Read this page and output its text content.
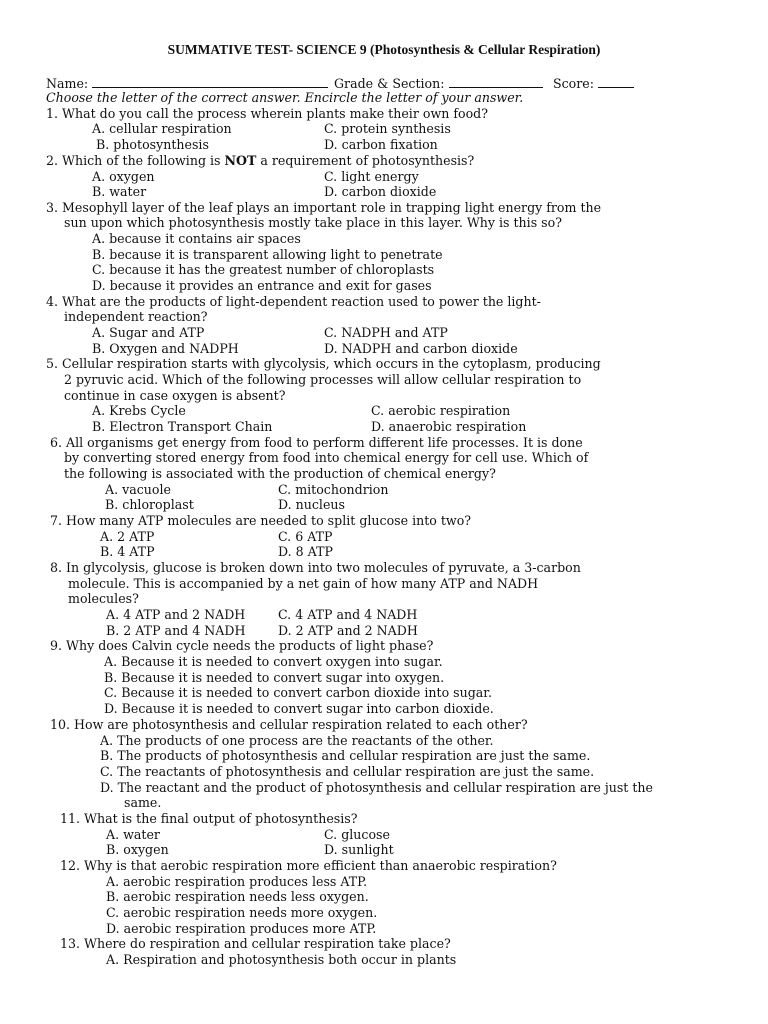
SUMMATIVE TEST- SCIENCE 9 (Photosynthesis & Cellular Respiration)
Name:	Grade & Section:	Score:
Choose the letter of the correct answer. Encircle the letter of your answer.
1. What do you call the process wherein plants make their own food?
A. cellular respiration	C. protein synthesis
B. photosynthesis	D. carbon fixation
2. Which of the following is NOT a requirement of photosynthesis?
A. oxygen	C. light energy
B. water	D. carbon dioxide
3. Mesophyll layer of the leaf plays an important role in trapping light energy from the
sun upon which photosynthesis mostly take place in this layer. Why is this so?
A. because it contains air spaces
B. because it is transparent allowing light to penetrate
C. because it has the greatest number of chloroplasts
D. because it provides an entrance and exit for gases
4. What are the products of light-dependent reaction used to power the light-
independent reaction?
A. Sugar and ATP	C. NADPH and ATP
B. Oxygen and NADPH	D. NADPH and carbon dioxide
5. Cellular respiration starts with glycolysis, which occurs in the cytoplasm, producing
2 pyruvic acid. Which of the following processes will allow cellular respiration to
continue in case oxygen is absent?
A. Krebs Cycle	C. aerobic respiration
B. Electron Transport Chain	D. anaerobic respiration
6. All organisms get energy from food to perform different life processes. It is done
by converting stored energy from food into chemical energy for cell use. Which of
the following is associated with the production of chemical energy?
A. vacuole	C. mitochondrion
B. chloroplast	D. nucleus
7. How many ATP molecules are needed to split glucose into two?
A. 2 ATP	C. 6 ATP
B. 4 ATP	D. 8 ATP
8. In glycolysis, glucose is broken down into two molecules of pyruvate, a 3-carbon
molecule. This is accompanied by a net gain of how many ATP and NADH
molecules?
A. 4 ATP and 2 NADH	C. 4 ATP and 4 NADH
B. 2 ATP and 4 NADH	D. 2 ATP and 2 NADH
9. Why does Calvin cycle needs the products of light phase?
A. Because it is needed to convert oxygen into sugar.
B. Because it is needed to convert sugar into oxygen.
C. Because it is needed to convert carbon dioxide into sugar.
D. Because it is needed to convert sugar into carbon dioxide.
10. How are photosynthesis and cellular respiration related to each other?
A. The products of one process are the reactants of the other.
B. The products of photosynthesis and cellular respiration are just the same.
C. The reactants of photosynthesis and cellular respiration are just the same.
D. The reactant and the product of photosynthesis and cellular respiration are just the
same.
11. What is the final output of photosynthesis?
A. water	C. glucose
B. oxygen	D. sunlight
12. Why is that aerobic respiration more efficient than anaerobic respiration?
A. aerobic respiration produces less ATP.
B. aerobic respiration needs less oxygen.
C. aerobic respiration needs more oxygen.
D. aerobic respiration produces more ATP.
13. Where do respiration and cellular respiration take place?
A. Respiration and photosynthesis both occur in plants
